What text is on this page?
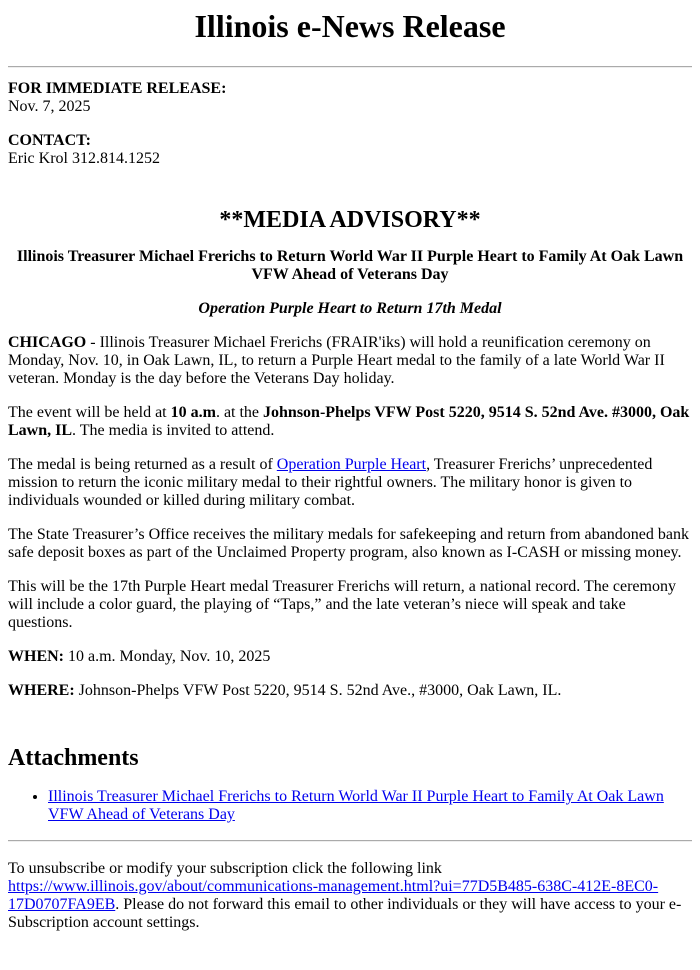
Illinois e-News Release

FOR IMMEDIATE RELEASE:
Nov. 7, 2025

CONTACT:
Eric Krol 312.814.1252

**MEDIA ADVISORY**

Illinois Treasurer Michael Frerichs to Return World War II Purple Heart to Family At Oak Lawn VFW Ahead of Veterans Day

Operation Purple Heart to Return 17th Medal

CHICAGO - Illinois Treasurer Michael Frerichs (FRAIR'iks) will hold a reunification ceremony on Monday, Nov. 10, in Oak Lawn, IL, to return a Purple Heart medal to the family of a late World War II veteran. Monday is the day before the Veterans Day holiday.

The event will be held at 10 a.m. at the Johnson-Phelps VFW Post 5220, 9514 S. 52nd Ave. #3000, Oak Lawn, IL. The media is invited to attend.

The medal is being returned as a result of Operation Purple Heart, Treasurer Frerichs’ unprecedented mission to return the iconic military medal to their rightful owners. The military honor is given to individuals wounded or killed during military combat.

The State Treasurer’s Office receives the military medals for safekeeping and return from abandoned bank safe deposit boxes as part of the Unclaimed Property program, also known as I-CASH or missing money.

This will be the 17th Purple Heart medal Treasurer Frerichs will return, a national record. The ceremony will include a color guard, the playing of “Taps,” and the late veteran’s niece will speak and take questions.

WHEN: 10 a.m. Monday, Nov. 10, 2025

WHERE: Johnson-Phelps VFW Post 5220, 9514 S. 52nd Ave., #3000, Oak Lawn, IL.

Attachments
• Illinois Treasurer Michael Frerichs to Return World War II Purple Heart to Family At Oak Lawn VFW Ahead of Veterans Day

To unsubscribe or modify your subscription click the following link https://www.illinois.gov/about/communications-management.html?ui=77D5B485-638C-412E-8EC0-17D0707FA9EB. Please do not forward this email to other individuals or they will have access to your e-Subscription account settings.
